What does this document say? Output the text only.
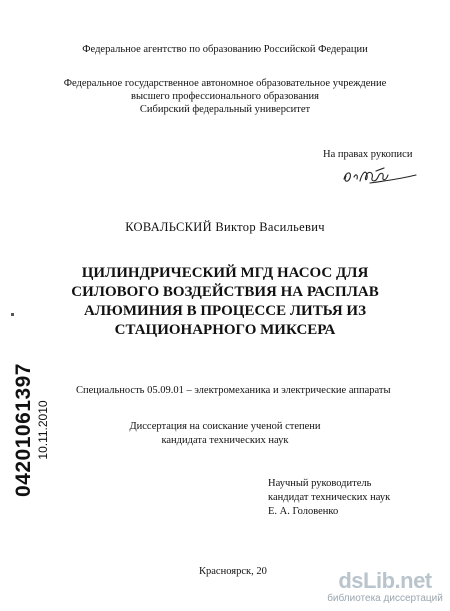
Федеральное агентство по образованию Российской Федерации
Федеральное государственное автономное образовательное учреждение
высшего профессионального образования
Сибирский федеральный университет
На правах рукописи
КОВАЛЬСКИЙ Виктор Васильевич
ЦИЛИНДРИЧЕСКИЙ МГД НАСОС ДЛЯ
СИЛОВОГО ВОЗДЕЙСТВИЯ НА РАСПЛАВ
АЛЮМИНИЯ В ПРОЦЕССЕ ЛИТЬЯ ИЗ
СТАЦИОНАРНОГО МИКСЕРА
Специальность 05.09.01 – электромеханика и электрические аппараты
Диссертация на соискание ученой степени
кандидата технических наук
Научный руководитель
кандидат технических наук
Е. А. Головенко
Красноярск, 20
04201061397 10.11.2010
dsLib.net
библиотека диссертаций
